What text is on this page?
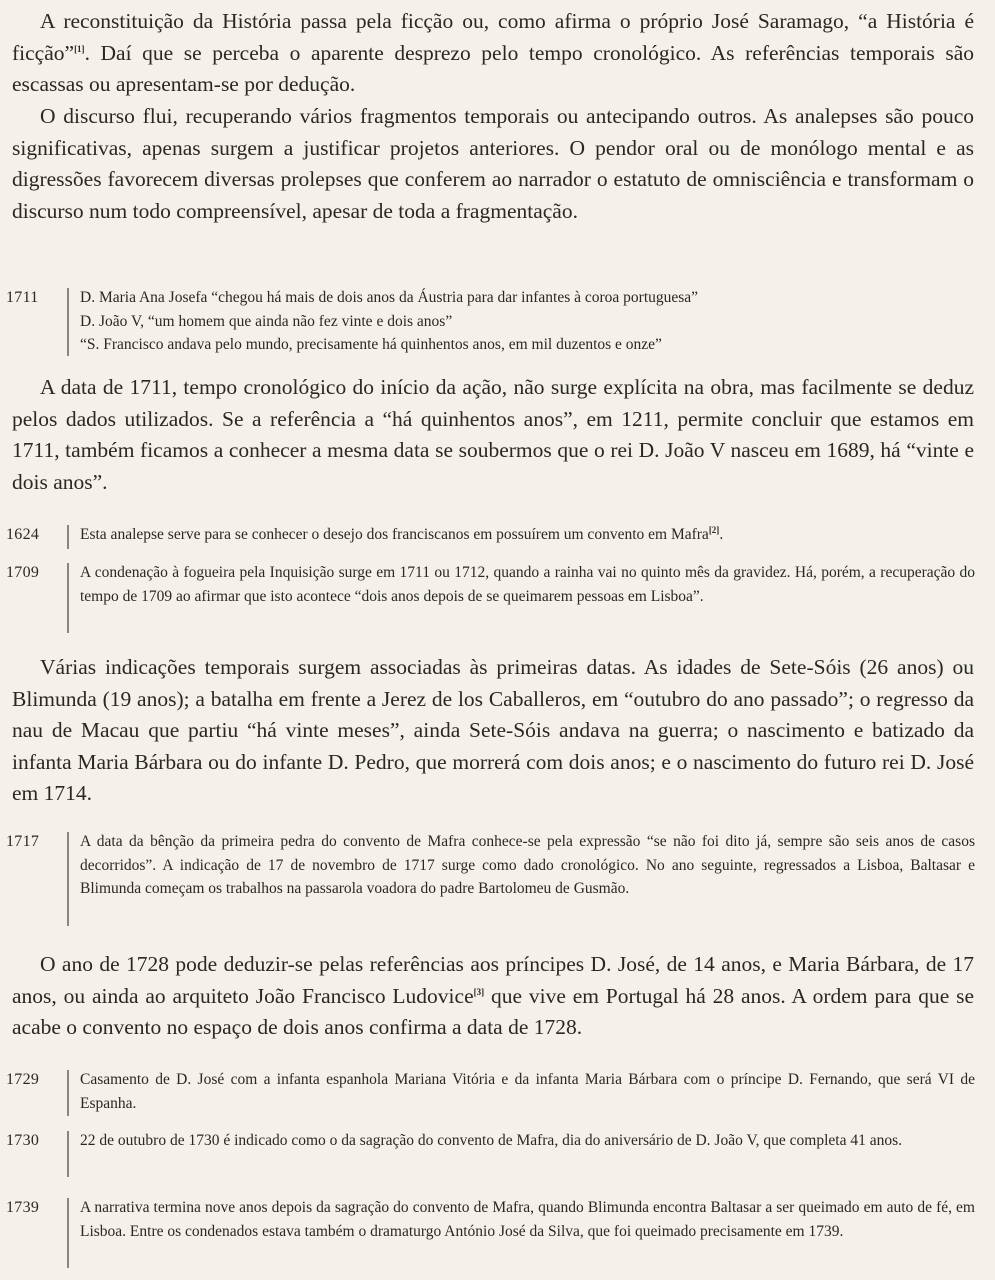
A reconstituição da História passa pela ficção ou, como afirma o próprio José Saramago, “a História é ficção”[1]. Daí que se perceba o aparente desprezo pelo tempo cronológico. As referências temporais são escassas ou apresentam-se por dedução.

O discurso flui, recuperando vários fragmentos temporais ou antecipando outros. As analepses são pouco significativas, apenas surgem a justificar projetos anteriores. O pendor oral ou de monólogo mental e as digressões favorecem diversas prolepses que conferem ao narrador o estatuto de omnisciência e transformam o discurso num todo compreensível, apesar de toda a fragmentação.

1711	D. Maria Ana Josefa “chegou há mais de dois anos da Áustria para dar infantes à coroa portuguesa”

D. João V, “um homem que ainda não fez vinte e dois anos”

“S. Francisco andava pelo mundo, precisamente há quinhentos anos, em mil duzentos e onze”

A data de 1711, tempo cronológico do início da ação, não surge explícita na obra, mas facilmente se deduz pelos dados utilizados. Se a referência a “há quinhentos anos”, em 1211, permite concluir que estamos em 1711, também ficamos a conhecer a mesma data se soubermos que o rei D. João V nasceu em 1689, há “vinte e dois anos”.

1624	Esta analepse serve para se conhecer o desejo dos franciscanos em possuírem um convento em Mafra[2].

1709	A condenação à fogueira pela Inquisição surge em 1711 ou 1712, quando a rainha vai no quinto mês da gravidez. Há, porém, a recuperação do tempo de 1709 ao afirmar que isto acontece “dois anos depois de se queimarem pessoas em Lisboa”.

Várias indicações temporais surgem associadas às primeiras datas. As idades de Sete-Sóis (26 anos) ou Blimunda (19 anos); a batalha em frente a Jerez de los Caballeros, em “outubro do ano passado”; o regresso da nau de Macau que partiu “há vinte meses”, ainda Sete-Sóis andava na guerra; o nascimento e batizado da infanta Maria Bárbara ou do infante D. Pedro, que morrerá com dois anos; e o nascimento do futuro rei D. José em 1714.

1717	A data da bênção da primeira pedra do convento de Mafra conhece-se pela expressão “se não foi dito já, sempre são seis anos de casos decorridos”. A indicação de 17 de novembro de 1717 surge como dado cronológico. No ano seguinte, regressados a Lisboa, Baltasar e Blimunda começam os trabalhos na passarola voadora do padre Bartolomeu de Gusmão.

O ano de 1728 pode deduzir-se pelas referências aos príncipes D. José, de 14 anos, e Maria Bárbara, de 17 anos, ou ainda ao arquiteto João Francisco Ludovice[3] que vive em Portugal há 28 anos. A ordem para que se acabe o convento no espaço de dois anos confirma a data de 1728.

1729	Casamento de D. José com a infanta espanhola Mariana Vitória e da infanta Maria Bárbara com o príncipe D. Fernando, que será VI de Espanha.

1730	22 de outubro de 1730 é indicado como o da sagração do convento de Mafra, dia do aniversário de D. João V, que completa 41 anos.

1739	A narrativa termina nove anos depois da sagração do convento de Mafra, quando Blimunda encontra Baltasar a ser queimado em auto de fé, em Lisboa. Entre os condenados estava também o dramaturgo António José da Silva, que foi queimado precisamente em 1739.
